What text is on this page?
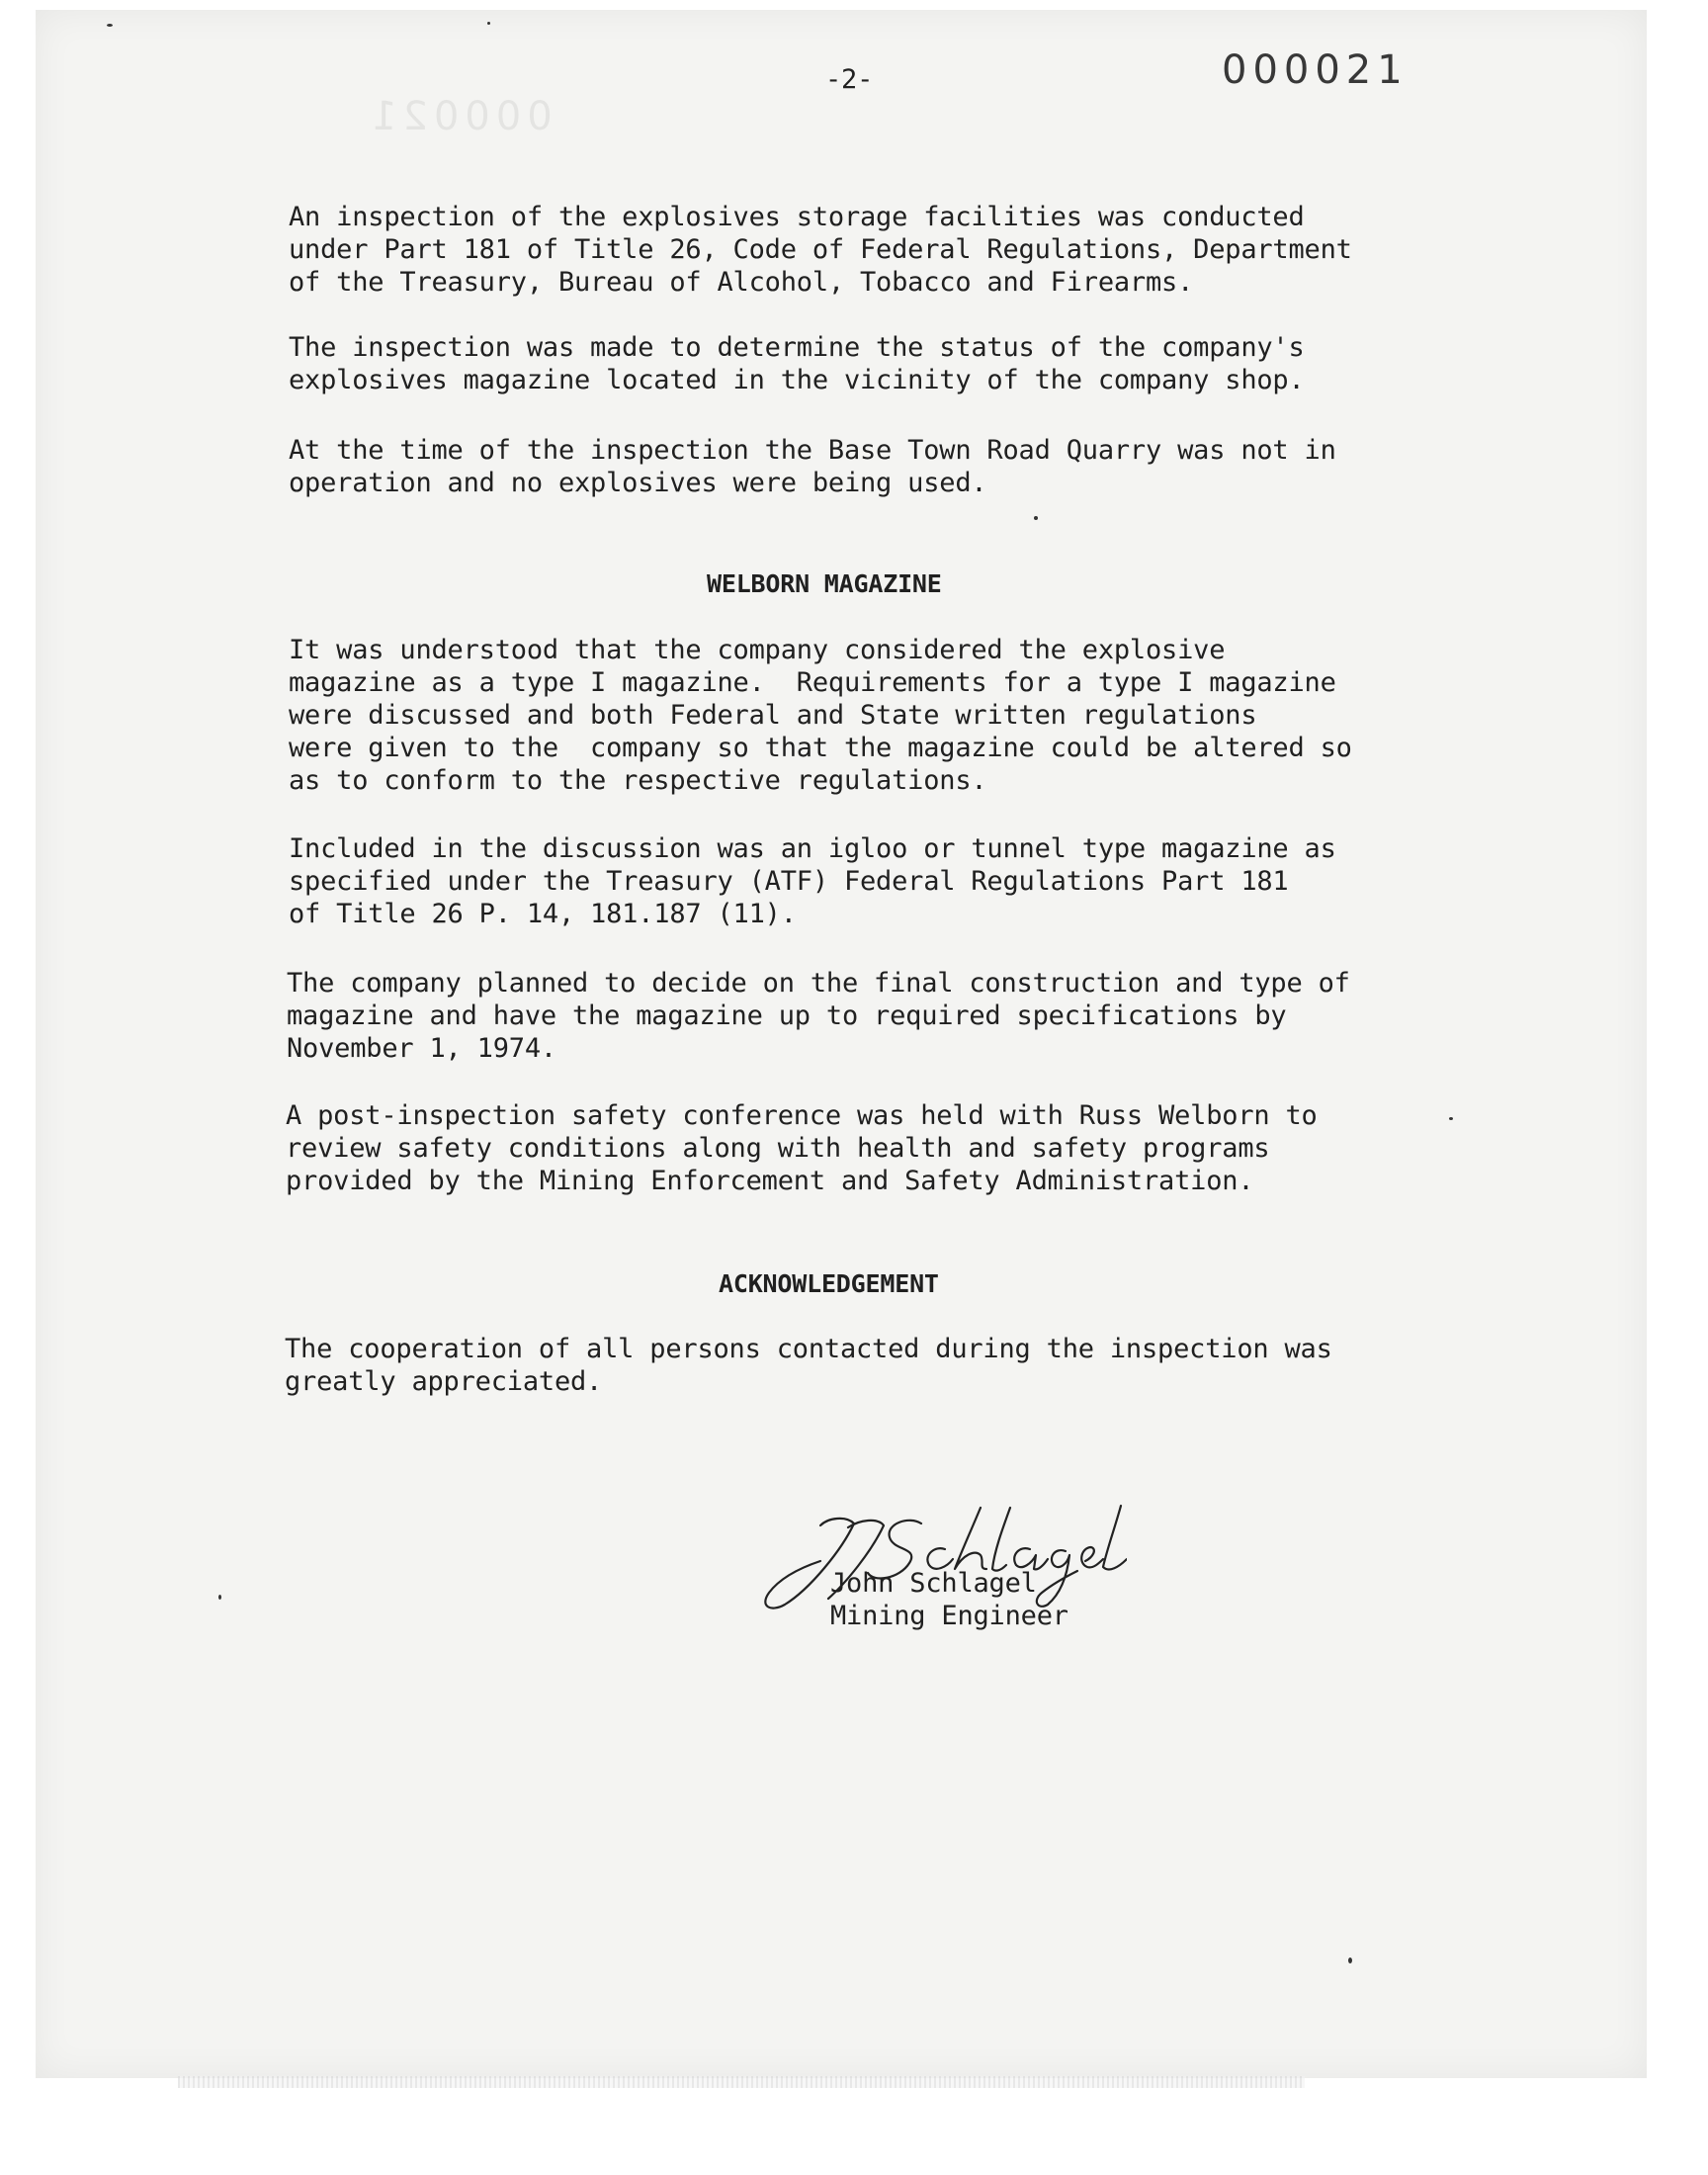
000021
-2-	000021

An inspection of the explosives storage facilities was conducted
under Part 181 of Title 26, Code of Federal Regulations, Department
of the Treasury, Bureau of Alcohol, Tobacco and Firearms.

The inspection was made to determine the status of the company's
explosives magazine located in the vicinity of the company shop.

At the time of the inspection the Base Town Road Quarry was not in
operation and no explosives were being used.

WELBORN MAGAZINE

It was understood that the company considered the explosive
magazine as a type I magazine.  Requirements for a type I magazine
were discussed and both Federal and State written regulations
were given to the  company so that the magazine could be altered so
as to conform to the respective regulations.

Included in the discussion was an igloo or tunnel type magazine as
specified under the Treasury (ATF) Federal Regulations Part 181
of Title 26 P. 14, 181.187 (11).

The company planned to decide on the final construction and type of
magazine and have the magazine up to required specifications by
November 1, 1974.

A post-inspection safety conference was held with Russ Welborn to
review safety conditions along with health and safety programs
provided by the Mining Enforcement and Safety Administration.

ACKNOWLEDGEMENT

The cooperation of all persons contacted during the inspection was
greatly appreciated.

John Schlagel
Mining Engineer
